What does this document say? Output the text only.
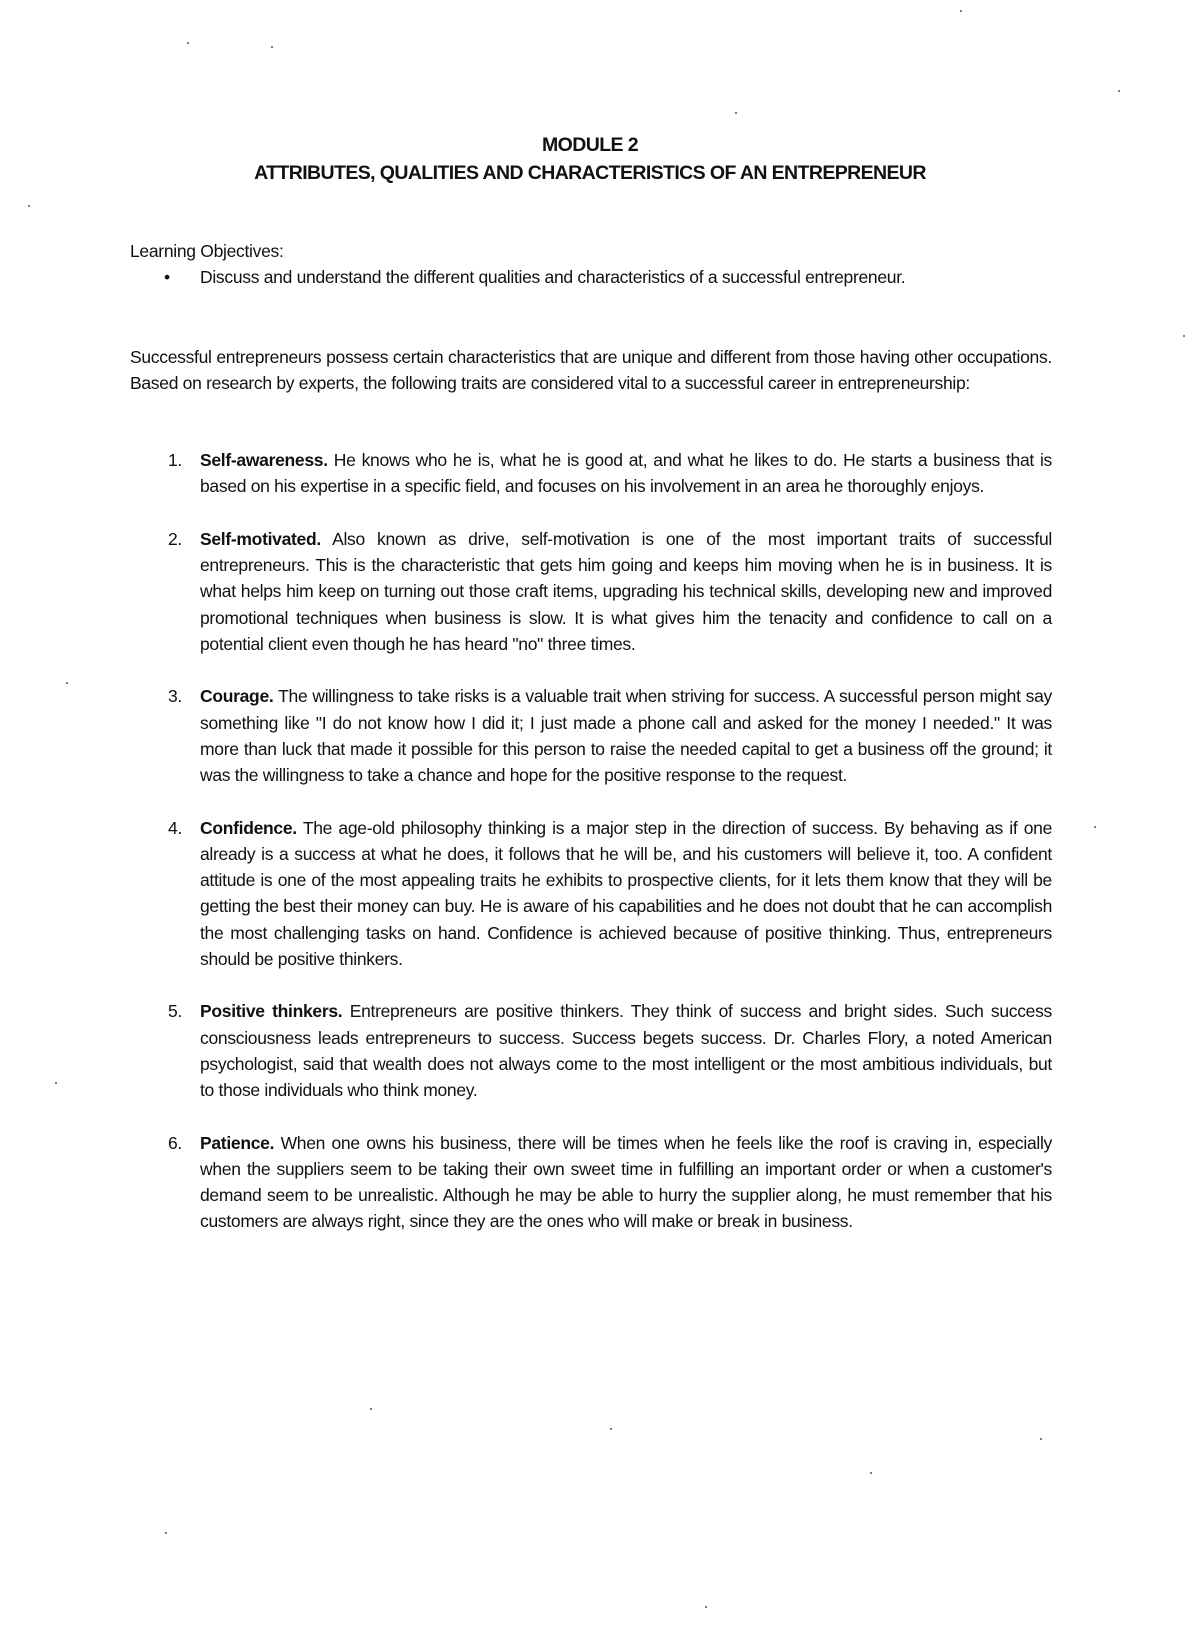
MODULE 2
ATTRIBUTES, QUALITIES AND CHARACTERISTICS OF AN ENTREPRENEUR
Learning Objectives:
• Discuss and understand the different qualities and characteristics of a successful entrepreneur.

Successful entrepreneurs possess certain characteristics that are unique and different from those having other occupations. Based on research by experts, the following traits are considered vital to a successful career in entrepreneurship:

1. Self-awareness. He knows who he is, what he is good at, and what he likes to do. He starts a business that is based on his expertise in a specific field, and focuses on his involvement in an area he thoroughly enjoys.
2. Self-motivated. Also known as drive, self-motivation is one of the most important traits of successful entrepreneurs. This is the characteristic that gets him going and keeps him moving when he is in business. It is what helps him keep on turning out those craft items, upgrading his technical skills, developing new and improved promotional techniques when business is slow. It is what gives him the tenacity and confidence to call on a potential client even though he has heard "no" three times.
3. Courage. The willingness to take risks is a valuable trait when striving for success. A successful person might say something like "I do not know how I did it; I just made a phone call and asked for the money I needed." It was more than luck that made it possible for this person to raise the needed capital to get a business off the ground; it was the willingness to take a chance and hope for the positive response to the request.
4. Confidence. The age-old philosophy thinking is a major step in the direction of success. By behaving as if one already is a success at what he does, it follows that he will be, and his customers will believe it, too. A confident attitude is one of the most appealing traits he exhibits to prospective clients, for it lets them know that they will be getting the best their money can buy. He is aware of his capabilities and he does not doubt that he can accomplish the most challenging tasks on hand. Confidence is achieved because of positive thinking. Thus, entrepreneurs should be positive thinkers.
5. Positive thinkers. Entrepreneurs are positive thinkers. They think of success and bright sides. Such success consciousness leads entrepreneurs to success. Success begets success. Dr. Charles Flory, a noted American psychologist, said that wealth does not always come to the most intelligent or the most ambitious individuals, but to those individuals who think money.
6. Patience. When one owns his business, there will be times when he feels like the roof is craving in, especially when the suppliers seem to be taking their own sweet time in fulfilling an important order or when a customer's demand seem to be unrealistic. Although he may be able to hurry the supplier along, he must remember that his customers are always right, since they are the ones who will make or break in business.
